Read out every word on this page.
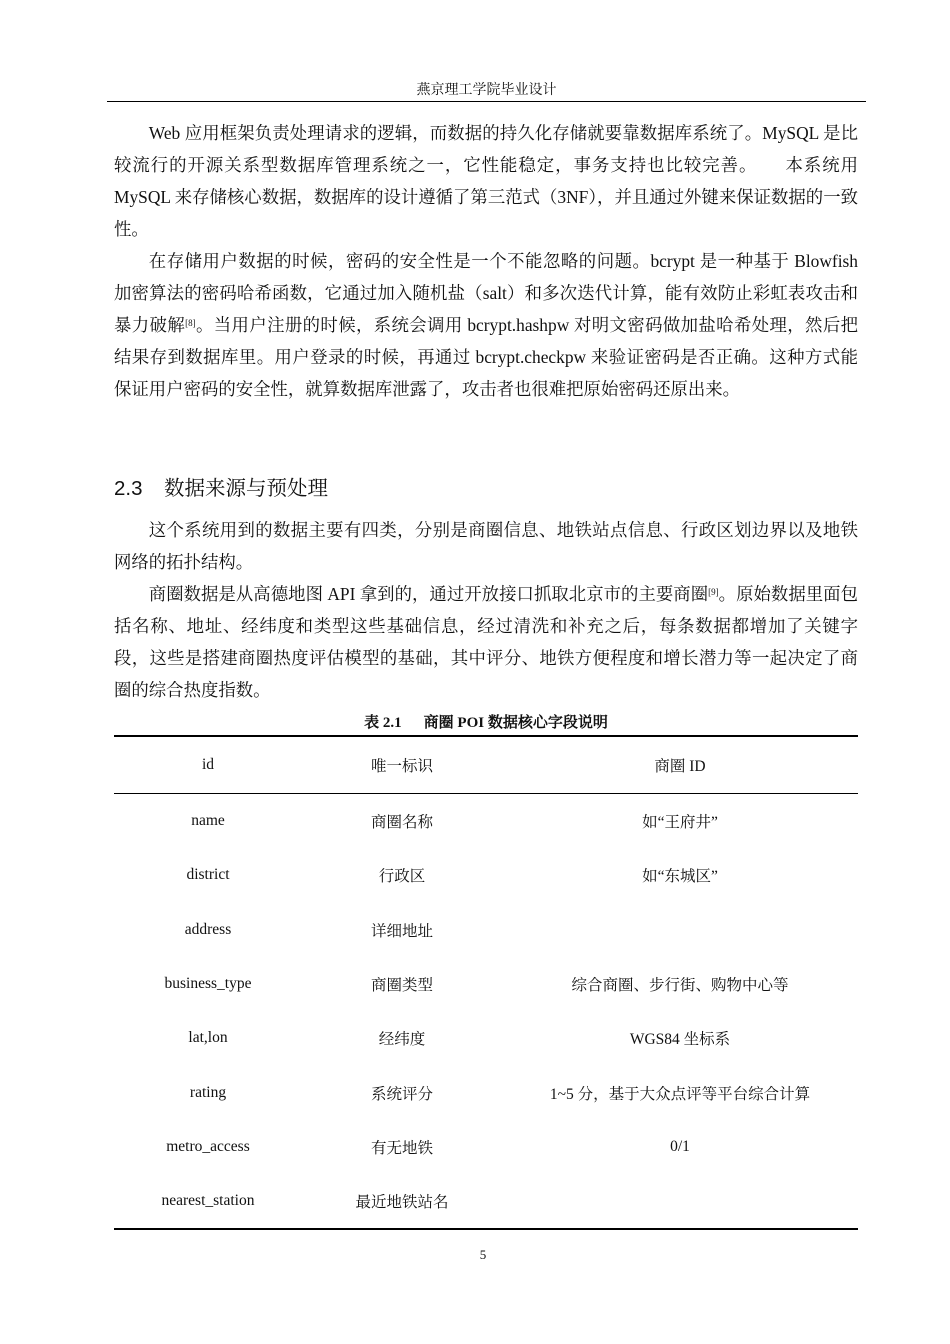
燕京理工学院毕业设计

Web 应用框架负责处理请求的逻辑，而数据的持久化存储就要靠数据库系统了。MySQL 是比较流行的开源关系型数据库管理系统之一，它性能稳定，事务支持也比较完善。　　本系统用 MySQL 来存储核心数据，数据库的设计遵循了第三范式（3NF），并且通过外键来保证数据的一致性。

在存储用户数据的时候，密码的安全性是一个不能忽略的问题。bcrypt 是一种基于 Blowfish 加密算法的密码哈希函数，它通过加入随机盐（salt）和多次迭代计算，能有效防止彩虹表攻击和暴力破解[8]。当用户注册的时候，系统会调用 bcrypt.hashpw 对明文密码做加盐哈希处理，然后把结果存到数据库里。用户登录的时候，再通过 bcrypt.checkpw 来验证密码是否正确。这种方式能保证用户密码的安全性，就算数据库泄露了，攻击者也很难把原始密码还原出来。

2.3 数据来源与预处理

这个系统用到的数据主要有四类，分别是商圈信息、地铁站点信息、行政区划边界以及地铁网络的拓扑结构。

商圈数据是从高德地图 API 拿到的，通过开放接口抓取北京市的主要商圈[9]。原始数据里面包括名称、地址、经纬度和类型这些基础信息，经过清洗和补充之后，每条数据都增加了关键字段，这些是搭建商圈热度评估模型的基础，其中评分、地铁方便程度和增长潜力等一起决定了商圈的综合热度指数。

表 2.1 商圈 POI 数据核心字段说明
id	唯一标识	商圈 ID
name	商圈名称	如“王府井”
district	行政区	如“东城区”
address	详细地址	
business_type	商圈类型	综合商圈、步行街、购物中心等
lat,lon	经纬度	WGS84 坐标系
rating	系统评分	1~5 分，基于大众点评等平台综合计算
metro_access	有无地铁	0/1
nearest_station	最近地铁站名	
5
